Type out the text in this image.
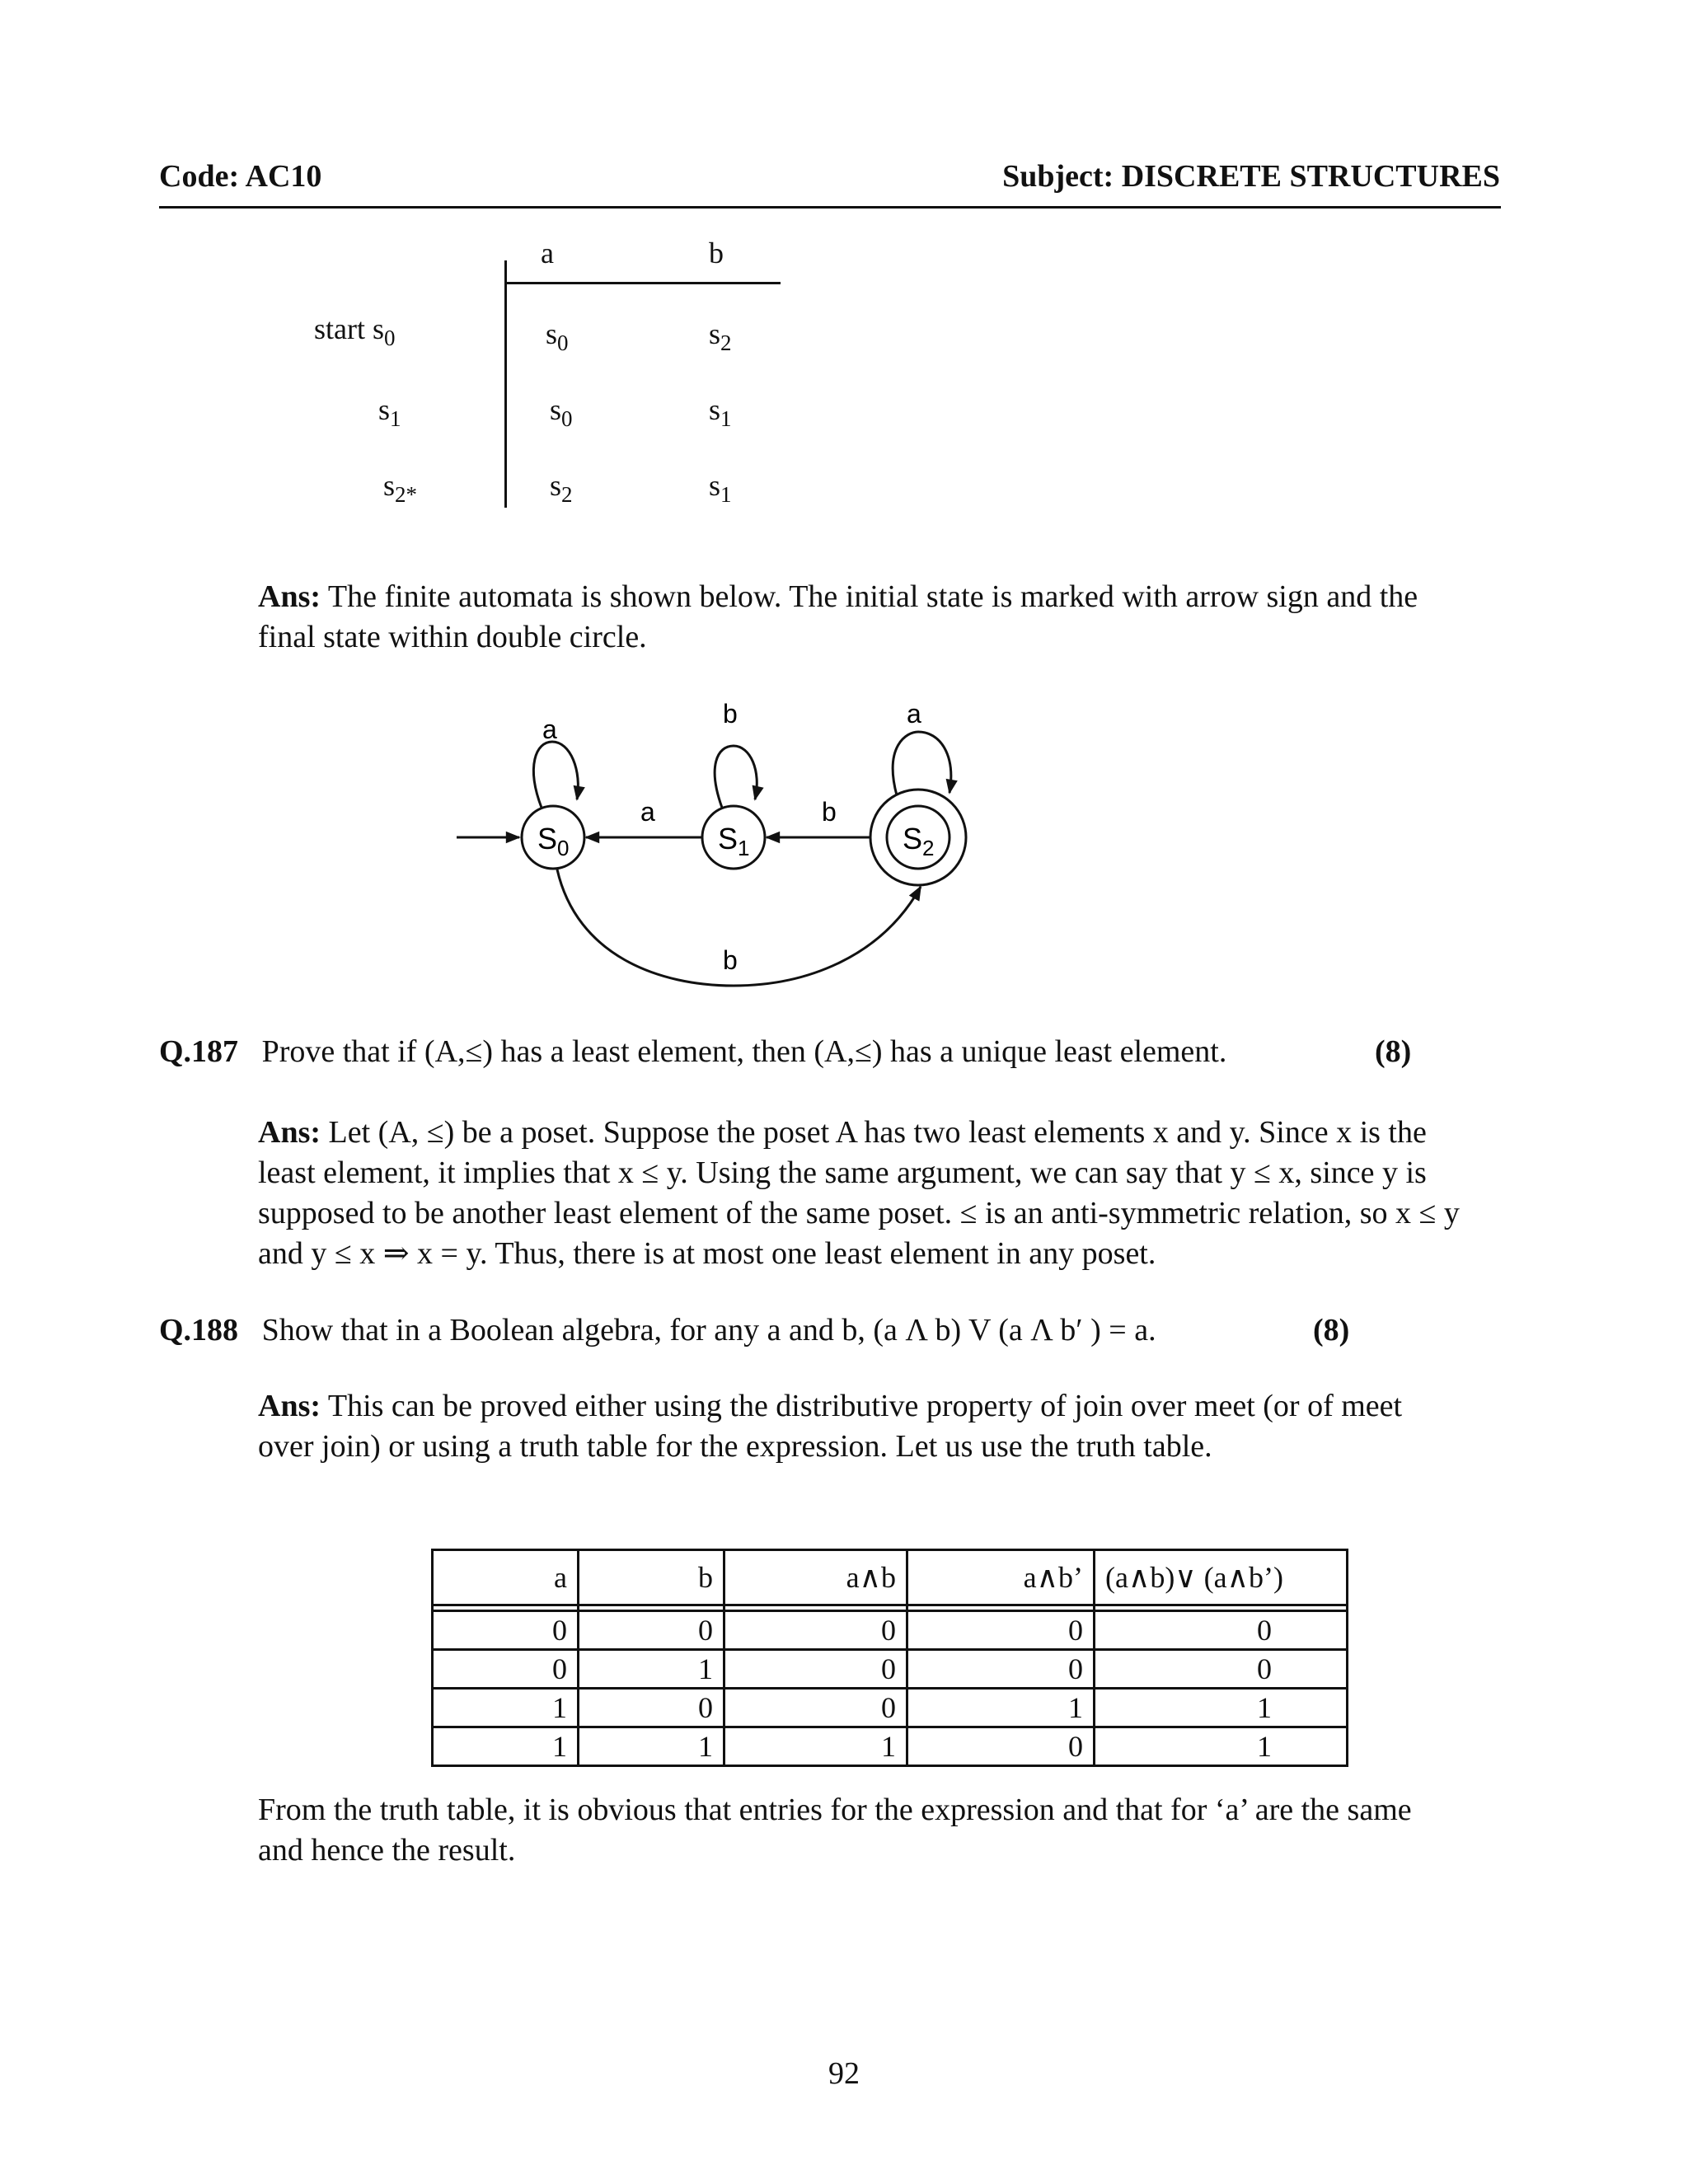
Code: AC10	Subject: DISCRETE STRUCTURES
a	b
start $s_0$	$s_0$	$s_2$
$s_1$	$s_0$	$s_1$
$s_{2*}$	$s_2$	$s_1$
Ans: The finite automata is shown below. The initial state is marked with arrow sign and the
final state within double circle.
$S_0$	$S_1$	$S_2$
a
b	a
a	b
b
Q.187 Prove that if (A,≤) has a least element, then (A,≤) has a unique least element.	(8)
Ans: Let (A, ≤) be a poset. Suppose the poset A has two least elements x and y. Since x is the
least element, it implies that x ≤ y. Using the same argument, we can say that y ≤ x, since y is
supposed to be another least element of the same poset. ≤ is an anti-symmetric relation, so x ≤ y
and y ≤ x ⇒ x = y. Thus, there is at most one least element in any poset.
Q.188 Show that in a Boolean algebra, for any a and b, (a Λ b) V (a Λ b′ ) = a.	(8)
Ans: This can be proved either using the distributive property of join over meet (or of meet
over join) or using a truth table for the expression. Let us use the truth table.
a	b	a∧b	a∧b’	(a∧b)∨ (a∧b’)

0	0	0	0	0
0	1	0	0	0
1	0	0	1	1
1	1	1	0	1
From the truth table, it is obvious that entries for the expression and that for ‘a’ are the same
and hence the result.
92
